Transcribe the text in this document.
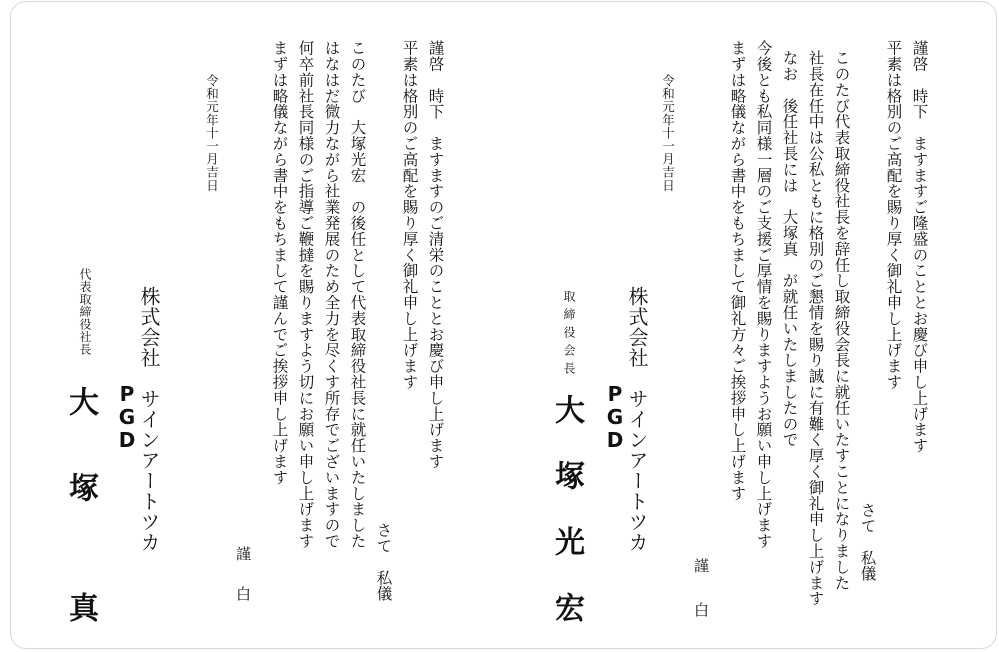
謹啓　時下　ますますご隆盛のこととお慶び申し上げます
平素は格別のご高配を賜り厚く御礼申し上げます
このたび代表取締役社長を辞任し取締役会長に就任いたすことになりました さて　私儀
社長在任中は公私ともに格別のご懇情を賜り誠に有難く厚く御礼申し上げます
なお　後任社長には　大塚真　が就任いたしましたので
今後とも私同様一層のご支援ご厚情を賜りますようお願い申し上げます
まずは略儀ながら書中をもちまして御礼方々ご挨拶申し上げます
謹
白
令和元年十一月吉日
株式会社　サインアートツカ
PGD
取締役会長
大
塚
光
宏
謹啓　時下　ますますのご清栄のこととお慶び申し上げます
平素は格別のご高配を賜り厚く御礼申し上げます
さて　私儀
このたび　大塚光宏　の後任として代表取締役社長に就任いたしました
はなはだ微力ながら社業発展のため全力を尽くす所存でございますので
何卒前社長同様のご指導ご鞭撻を賜りますよう切にお願い申し上げます
まずは略儀ながら書中をもちまして謹んでご挨拶申し上げます
謹
白
令和元年十一月吉日
株式会社　サインアートツカ
PGD
代表取締役社長
大
塚
真
